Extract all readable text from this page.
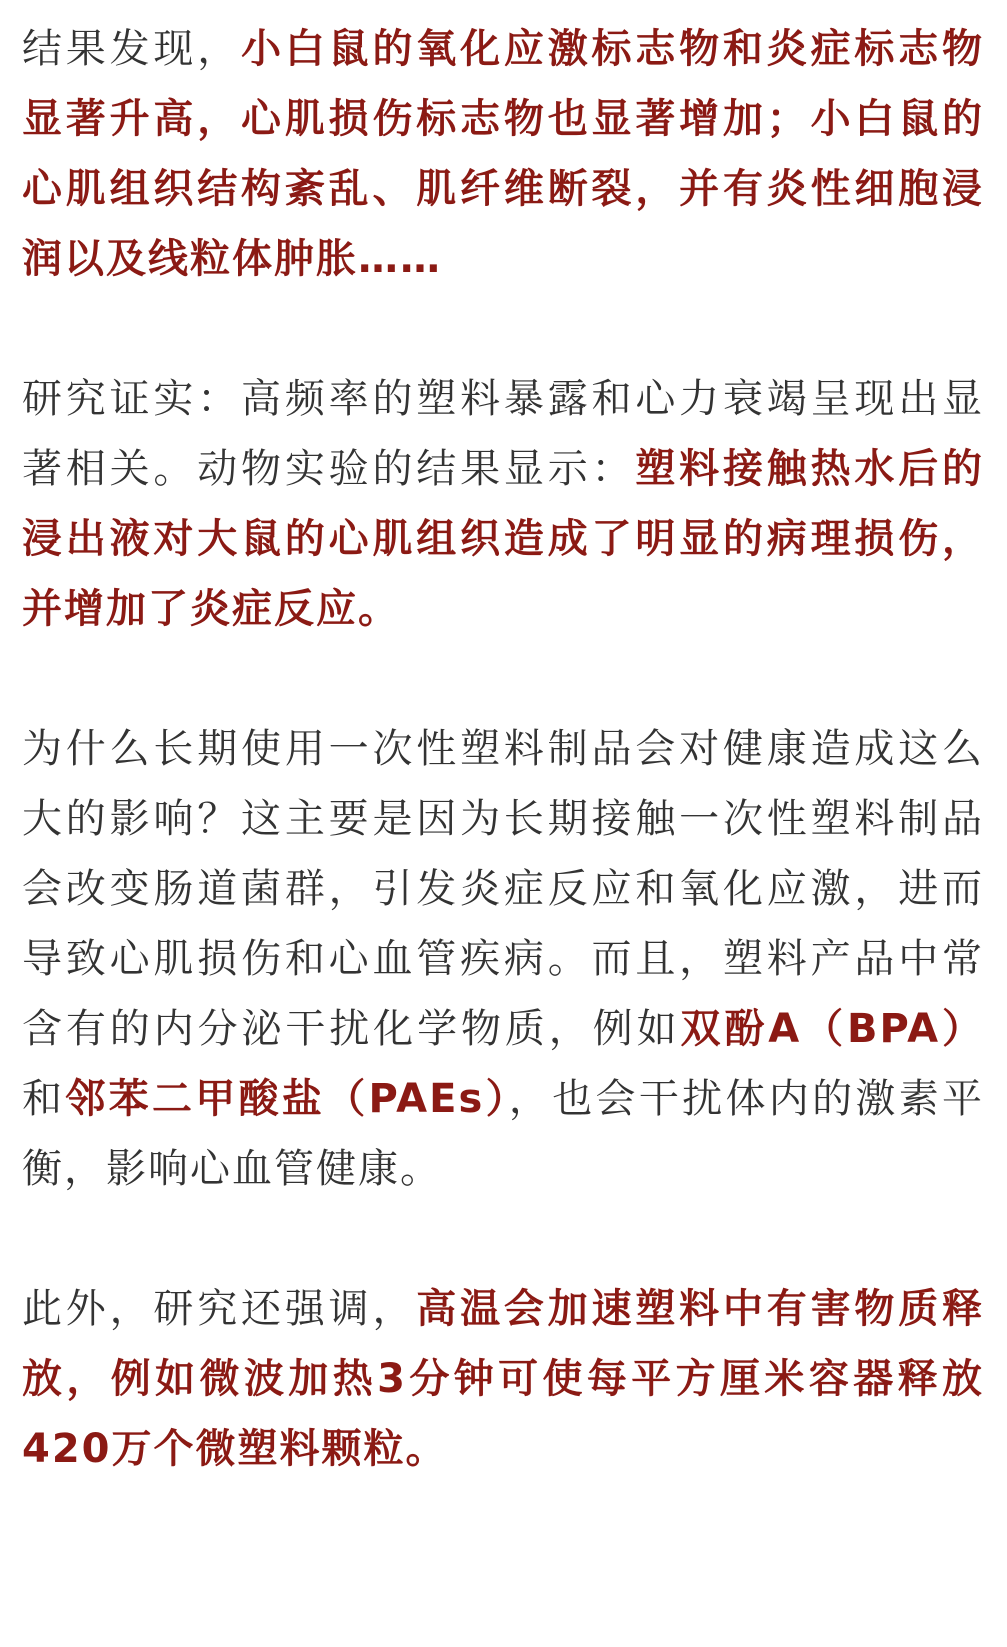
结果发现，小白鼠的氧化应激标志物和炎症标志物显著升高，心肌损伤标志物也显著增加；小白鼠的心肌组织结构紊乱、肌纤维断裂，并有炎性细胞浸润以及线粒体肿胀……

研究证实：高频率的塑料暴露和心力衰竭呈现出显著相关。动物实验的结果显示：塑料接触热水后的浸出液对大鼠的心肌组织造成了明显的病理损伤，并增加了炎症反应。

为什么长期使用一次性塑料制品会对健康造成这么大的影响？这主要是因为长期接触一次性塑料制品会改变肠道菌群，引发炎症反应和氧化应激，进而导致心肌损伤和心血管疾病。而且，塑料产品中常含有的内分泌干扰化学物质，例如双酚A（BPA）和邻苯二甲酸盐（PAEs），也会干扰体内的激素平衡，影响心血管健康。

此外，研究还强调，高温会加速塑料中有害物质释放，例如微波加热3分钟可使每平方厘米容器释放420万个微塑料颗粒。
